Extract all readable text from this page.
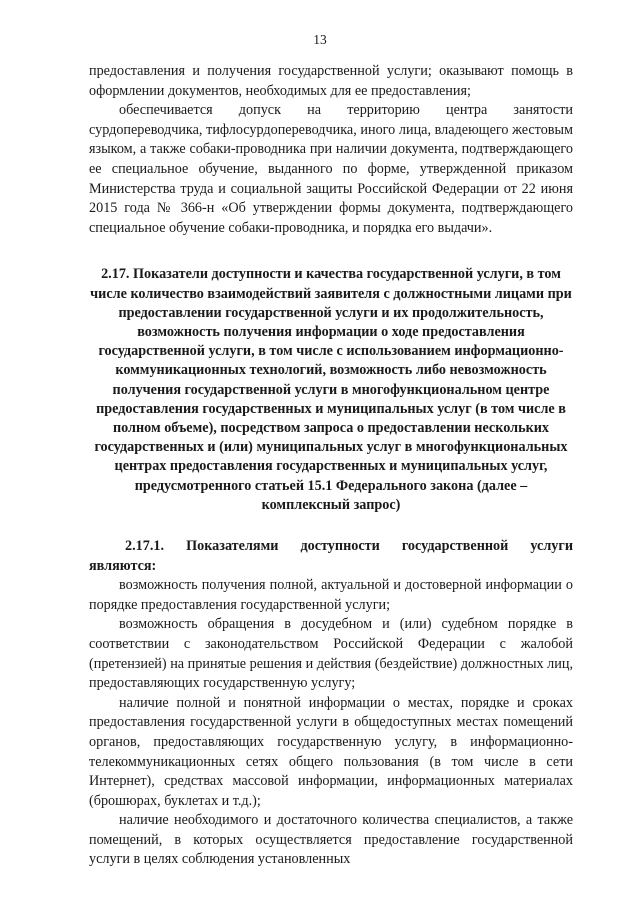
13

предоставления и получения государственной услуги; оказывают помощь в оформлении документов, необходимых для ее предоставления;

обеспечивается допуск на территорию центра занятости сурдопереводчика, тифлосурдопереводчика, иного лица, владеющего жестовым языком, а также собаки-проводника при наличии документа, подтверждающего ее специальное обучение, выданного по форме, утвержденной приказом Министерства труда и социальной защиты Российской Федерации от 22 июня 2015 года № 366-н «Об утверждении формы документа, подтверждающего специальное обучение собаки-проводника, и порядка его выдачи».

2.17. Показатели доступности и качества государственной услуги, в том числе количество взаимодействий заявителя с должностными лицами при предоставлении государственной услуги и их продолжительность, возможность получения информации о ходе предоставления государственной услуги, в том числе с использованием информационно-коммуникационных технологий, возможность либо невозможность получения государственной услуги в многофункциональном центре предоставления государственных и муниципальных услуг (в том числе в полном объеме), посредством запроса о предоставлении нескольких государственных и (или) муниципальных услуг в многофункциональных центрах предоставления государственных и муниципальных услуг, предусмотренного статьей 15.1 Федерального закона (далее – комплексный запрос)

2.17.1. Показателями доступности государственной услуги являются:

возможность получения полной, актуальной и достоверной информации о порядке предоставления государственной услуги;

возможность обращения в досудебном и (или) судебном порядке в соответствии с законодательством Российской Федерации с жалобой (претензией) на принятые решения и действия (бездействие) должностных лиц, предоставляющих государственную услугу;

наличие полной и понятной информации о местах, порядке и сроках предоставления государственной услуги в общедоступных местах помещений органов, предоставляющих государственную услугу, в информационно-телекоммуникационных сетях общего пользования (в том числе в сети Интернет), средствах массовой информации, информационных материалах (брошюрах, буклетах и т.д.);

наличие необходимого и достаточного количества специалистов, а также помещений, в которых осуществляется предоставление государственной услуги в целях соблюдения установленных
